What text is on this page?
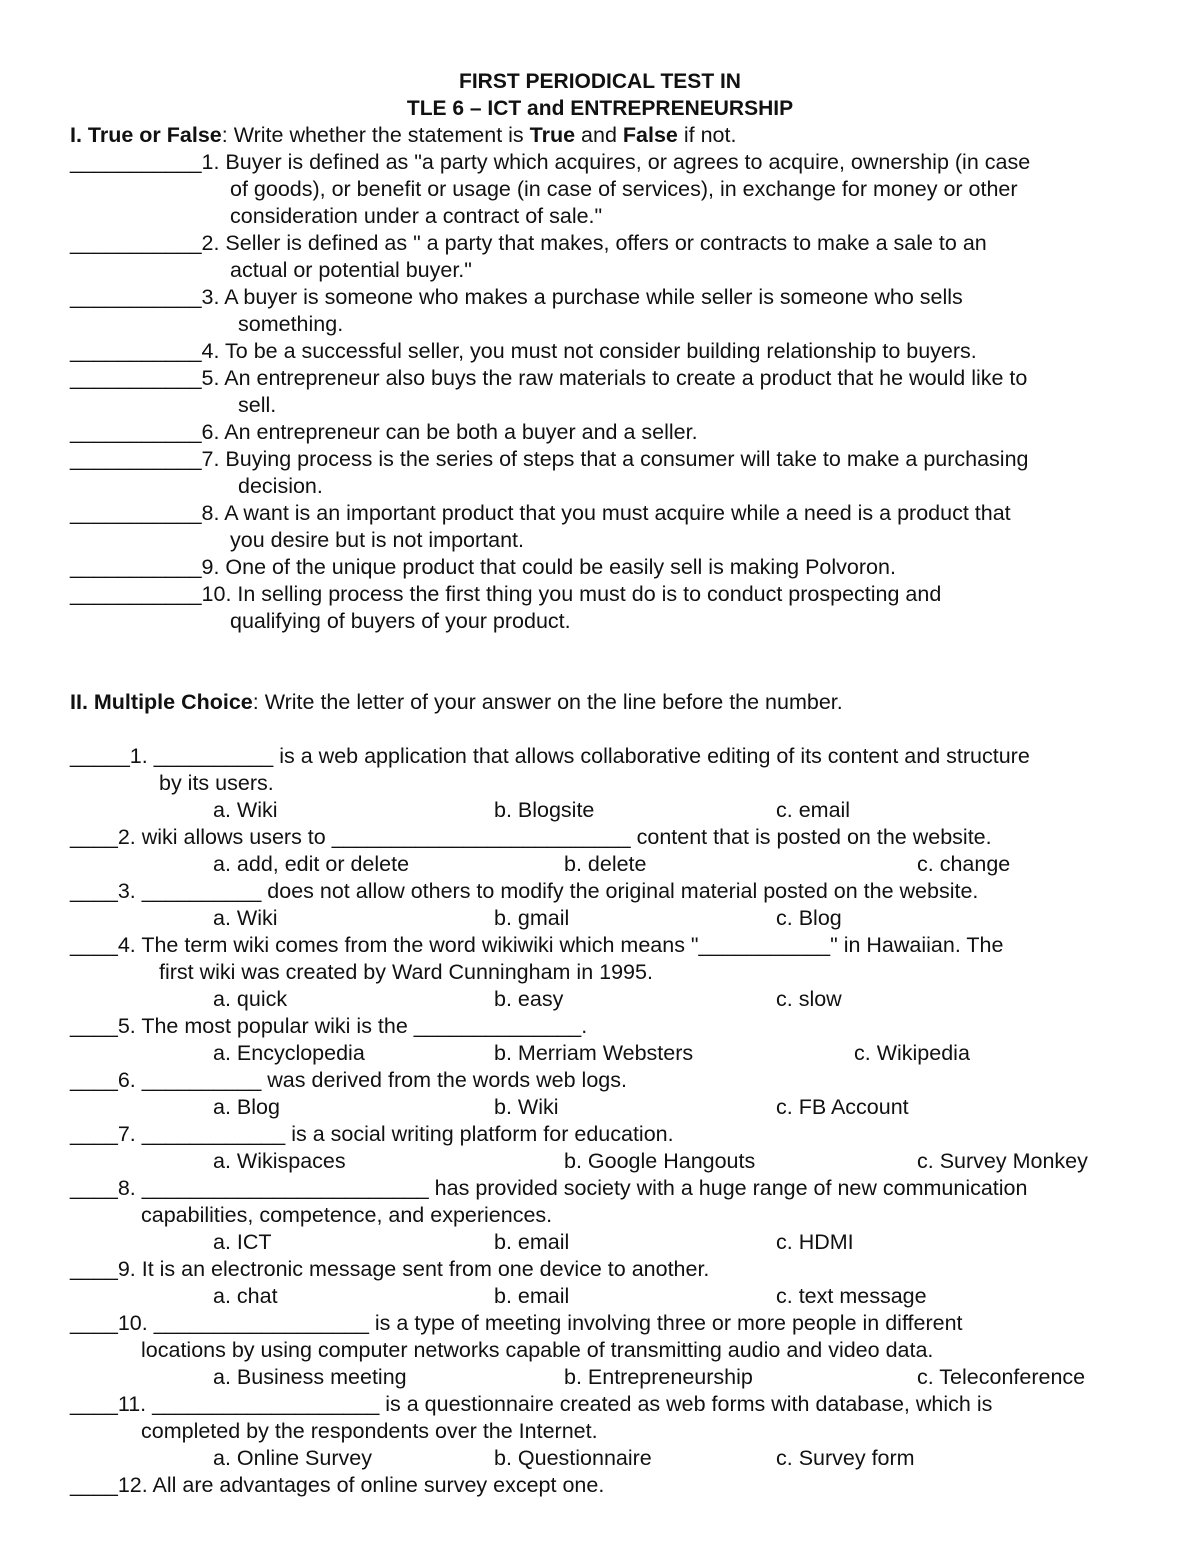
FIRST PERIODICAL TEST IN
TLE 6 – ICT and ENTREPRENEURSHIP
I. True or False: Write whether the statement is True and False if not.
___________1. Buyer is defined as "a party which acquires, or agrees to acquire, ownership (in case
of goods), or benefit or usage (in case of services), in exchange for money or other
consideration under a contract of sale."
___________2. Seller is defined as " a party that makes, offers or contracts to make a sale to an
actual or potential buyer."
___________3. A buyer is someone who makes a purchase while seller is someone who sells
something.
___________4. To be a successful seller, you must not consider building relationship to buyers.
___________5. An entrepreneur also buys the raw materials to create a product that he would like to
sell.
___________6. An entrepreneur can be both a buyer and a seller.
___________7. Buying process is the series of steps that a consumer will take to make a purchasing
decision.
___________8. A want is an important product that you must acquire while a need is a product that
you desire but is not important.
___________9. One of the unique product that could be easily sell is making Polvoron.
___________10. In selling process the first thing you must do is to conduct prospecting and
qualifying of buyers of your product.
II. Multiple Choice: Write the letter of your answer on the line before the number.
_____1. __________ is a web application that allows collaborative editing of its content and structure
by its users.
a. Wiki	b. Blogsite	c. email
____2. wiki allows users to _________________________ content that is posted on the website.
a. add, edit or delete	b. delete	c. change
____3. __________ does not allow others to modify the original material posted on the website.
a. Wiki	b. gmail	c. Blog
____4. The term wiki comes from the word wikiwiki which means "___________" in Hawaiian. The
first wiki was created by Ward Cunningham in 1995.
a. quick	b. easy	c. slow
____5. The most popular wiki is the ______________.
a. Encyclopedia	b. Merriam Websters	c. Wikipedia
____6. __________ was derived from the words web logs.
a. Blog	b. Wiki	c. FB Account
____7. ____________ is a social writing platform for education.
a. Wikispaces	b. Google Hangouts	c. Survey Monkey
____8. ________________________ has provided society with a huge range of new communication
capabilities, competence, and experiences.
a. ICT	b. email	c. HDMI
____9. It is an electronic message sent from one device to another.
a. chat	b. email	c. text message
____10. __________________ is a type of meeting involving three or more people in different
locations by using computer networks capable of transmitting audio and video data.
a. Business meeting	b. Entrepreneurship	c. Teleconference
____11. ___________________ is a questionnaire created as web forms with database, which is
completed by the respondents over the Internet.
a. Online Survey	b. Questionnaire	c. Survey form
____12. All are advantages of online survey except one.
